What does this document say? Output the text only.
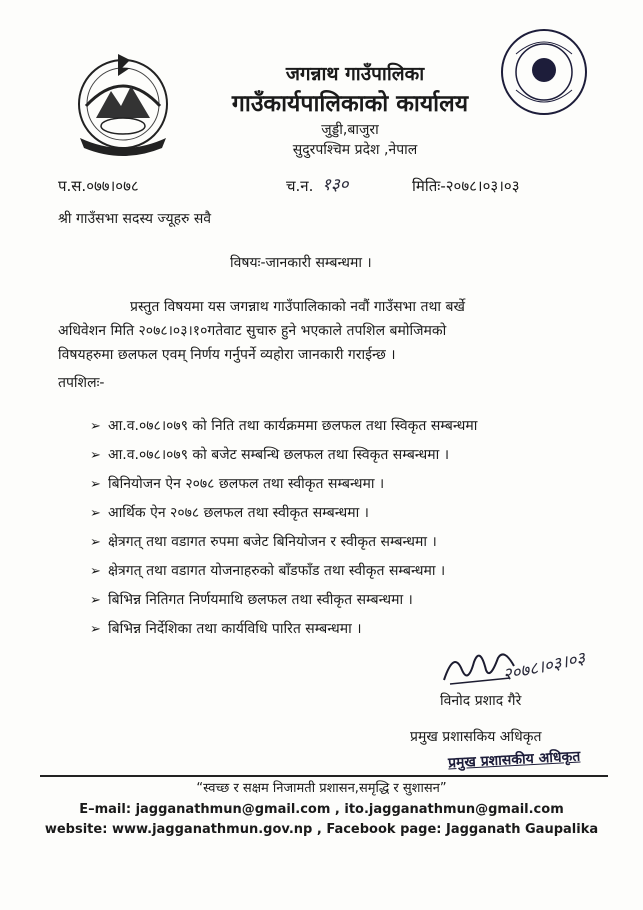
जगन्नाथ गाउँपालिका
गाउँकार्यपालिकाको कार्यालय
जुड्डी,बाजुरा
सुदुरपश्चिम प्रदेश ,नेपाल
प.स.०७७।०७८	च.न. १३०	मितिः-२०७८।०३।०३
श्री गाउँसभा सदस्य ज्यूहरु सवै
विषयः-जानकारी सम्बन्धमा ।
प्रस्तुत विषयमा यस जगन्नाथ गाउँपालिकाको नवौं गाउँसभा तथा बर्खे
अधिवेशन मिति २०७८।०३।१०गतेवाट सुचारु हुने भएकाले तपशिल बमोजिमको
विषयहरुमा छलफल एवम् निर्णय गर्नुपर्ने व्यहोरा जानकारी गराईन्छ ।
तपशिलः-
➢ आ.व.०७८।०७९ को निति तथा कार्यक्रममा छलफल तथा स्विकृत सम्बन्धमा
➢ आ.व.०७८।०७९ को बजेट सम्बन्धि छलफल तथा स्विकृत सम्बन्धमा ।
➢ बिनियोजन ऐन २०७८ छलफल तथा स्वीकृत सम्बन्धमा ।
➢ आर्थिक ऐन २०७८ छलफल तथा स्वीकृत सम्बन्धमा ।
➢ क्षेत्रगत् तथा वडागत रुपमा बजेट बिनियोजन र स्वीकृत सम्बन्धमा ।
➢ क्षेत्रगत् तथा वडागत योजनाहरुको बाँडफाँड तथा स्वीकृत सम्बन्धमा ।
➢ बिभिन्न नितिगत निर्णयमाथि छलफल तथा स्वीकृत सम्बन्धमा ।
➢ बिभिन्न निर्देशिका तथा कार्यविधि पारित सम्बन्धमा ।
२०७८।०३।०३
विनोद प्रशाद गैरे
प्रमुख प्रशासकिय अधिकृत
प्रमुख प्रशासकीय अधिकृत
“स्वच्छ र सक्षम निजामती प्रशासन,समृद्धि र सुशासन”
E–mail: jagganathmun@gmail.com , ito.jagganathmun@gmail.com
website: www.jagganathmun.gov.np , Facebook page: Jagganath Gaupalika
